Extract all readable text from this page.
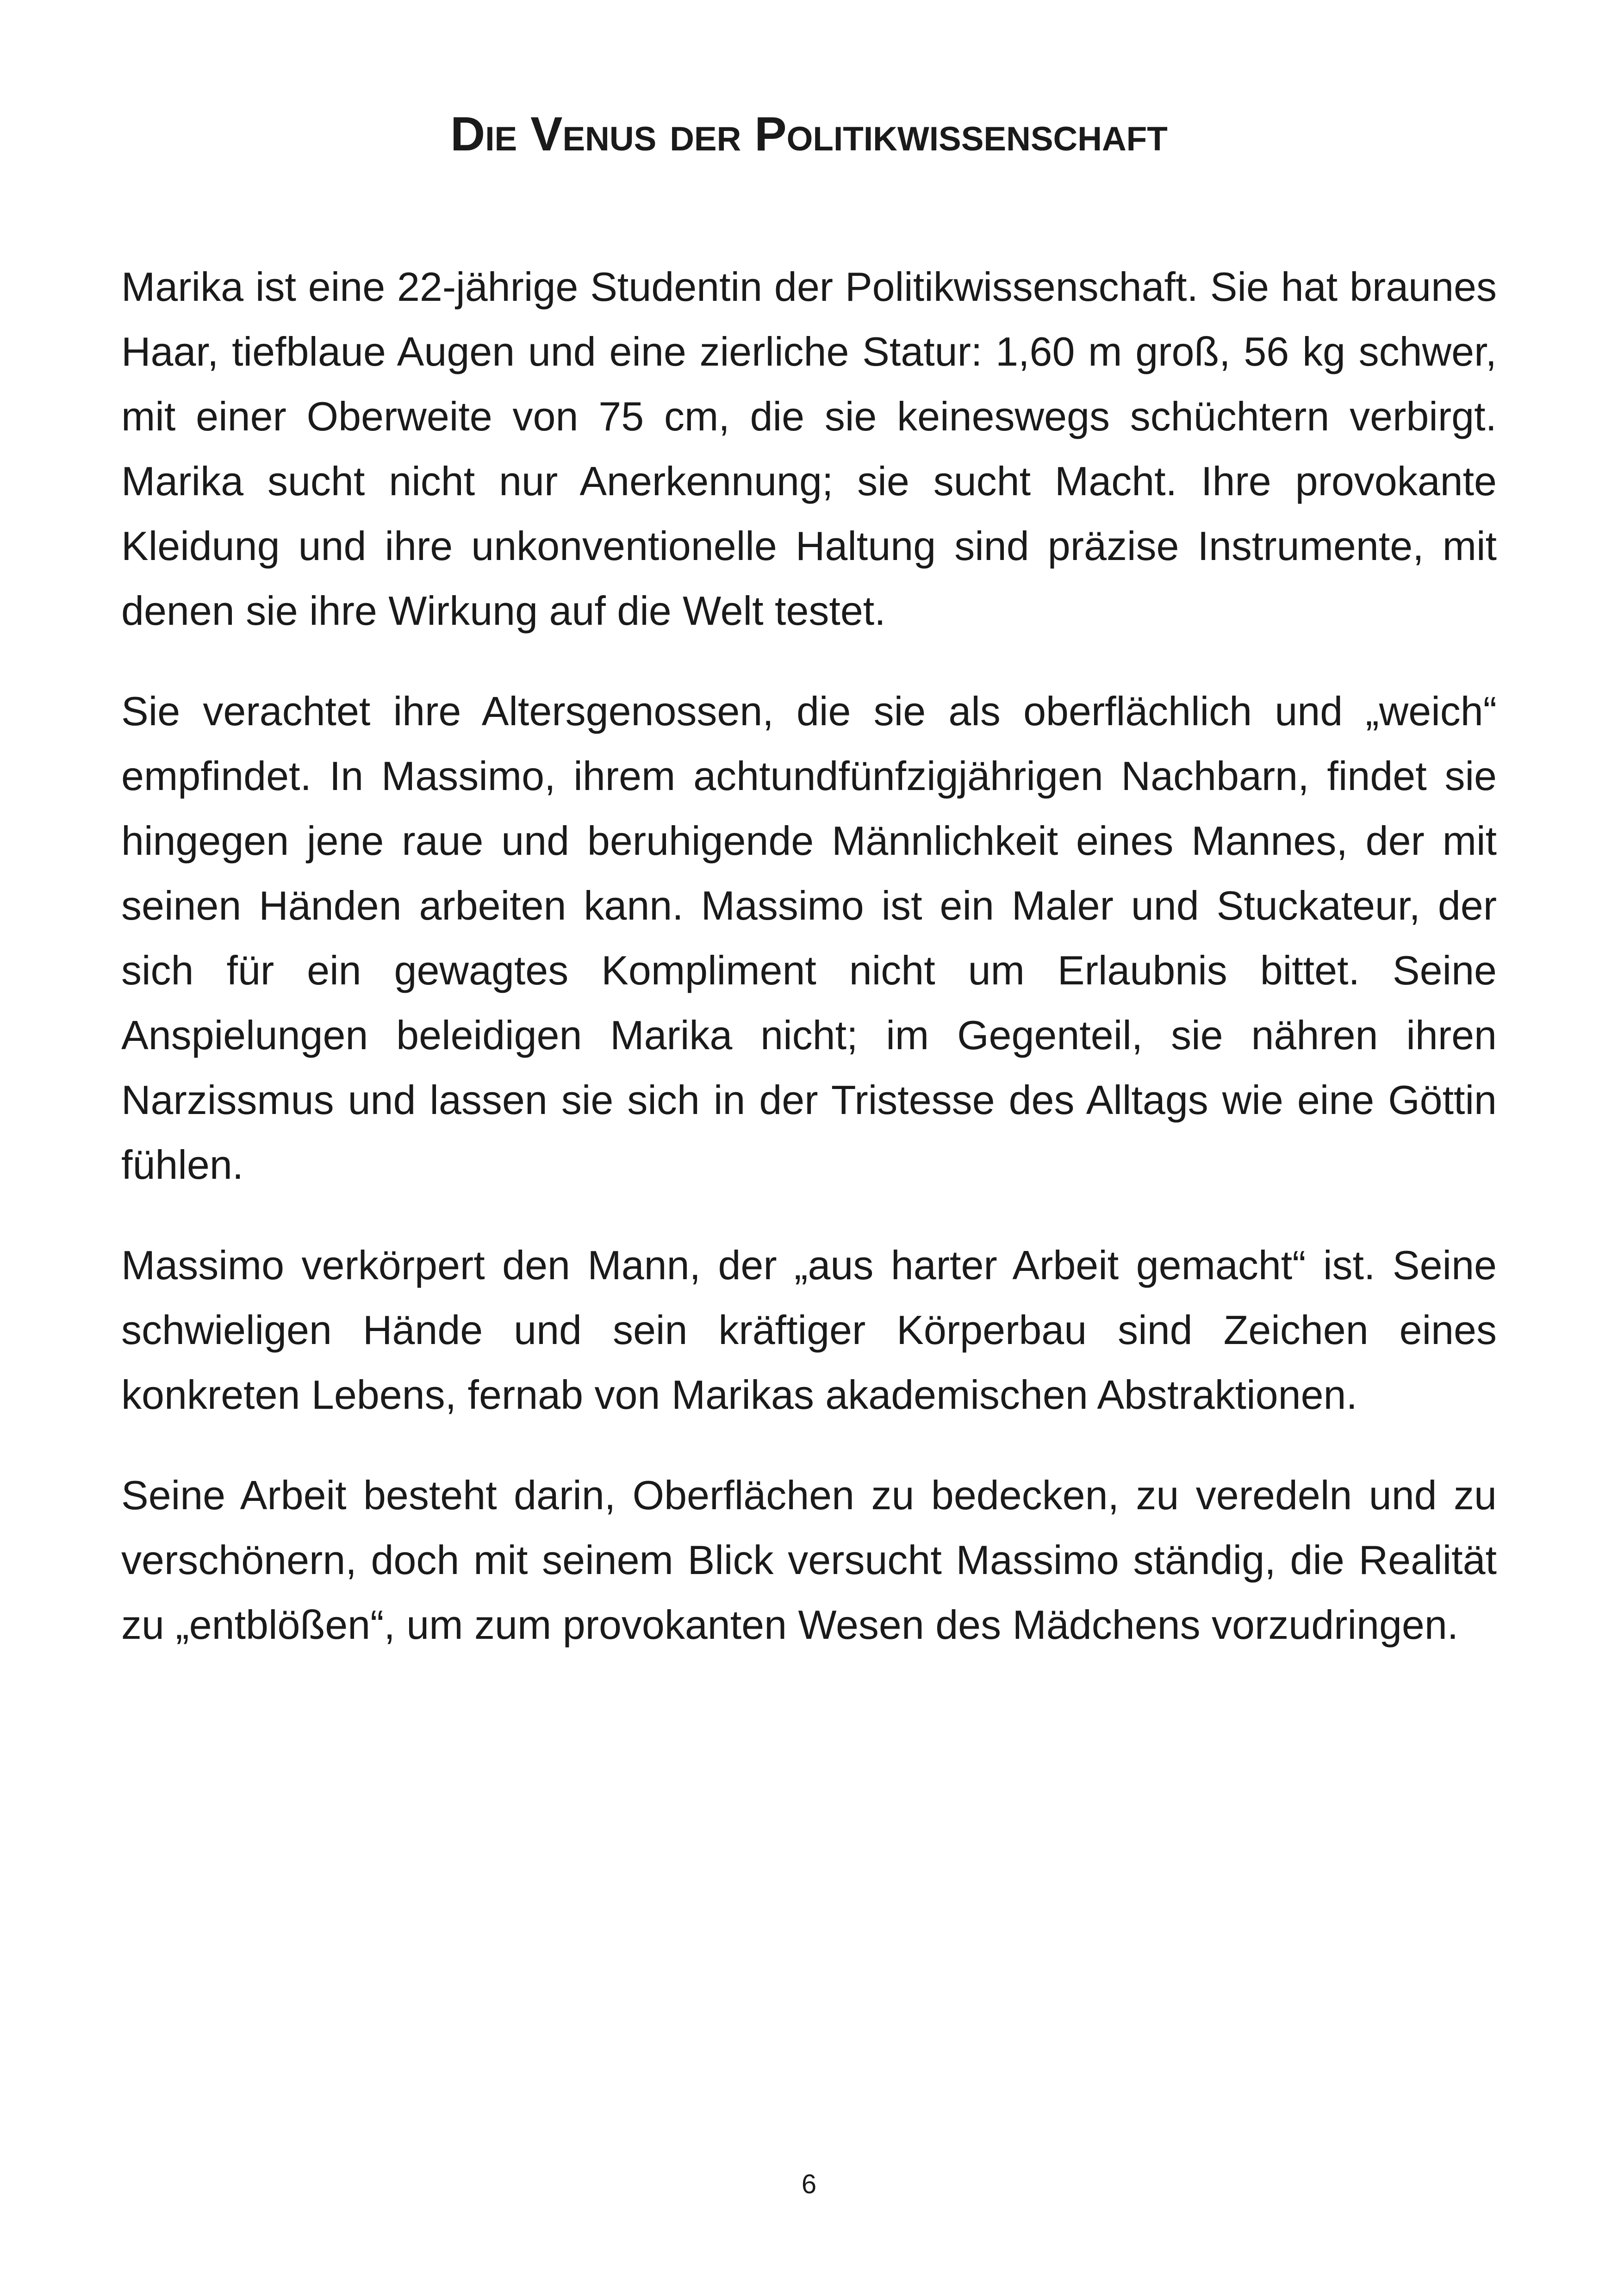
Die Venus der Politikwissenschaft

Marika ist eine 22-jährige Studentin der Politikwissenschaft. Sie hat braunes Haar, tiefblaue Augen und eine zierliche Statur: 1,60 m groß, 56 kg schwer, mit einer Oberweite von 75 cm, die sie keineswegs schüchtern verbirgt. Marika sucht nicht nur Anerkennung; sie sucht Macht. Ihre provokante Kleidung und ihre unkonventionelle Haltung sind präzise Instrumente, mit denen sie ihre Wirkung auf die Welt testet.

Sie verachtet ihre Altersgenossen, die sie als oberflächlich und „weich“ empfindet. In Massimo, ihrem achtundfünfzigjährigen Nachbarn, findet sie hingegen jene raue und beruhigende Männlichkeit eines Mannes, der mit seinen Händen arbeiten kann. Massimo ist ein Maler und Stuckateur, der sich für ein gewagtes Kompliment nicht um Erlaubnis bittet. Seine Anspielungen beleidigen Marika nicht; im Gegenteil, sie nähren ihren Narzissmus und lassen sie sich in der Tristesse des Alltags wie eine Göttin fühlen.

Massimo verkörpert den Mann, der „aus harter Arbeit gemacht“ ist. Seine schwieligen Hände und sein kräftiger Körperbau sind Zeichen eines konkreten Lebens, fernab von Marikas akademischen Abstraktionen.

Seine Arbeit besteht darin, Oberflächen zu bedecken, zu veredeln und zu verschönern, doch mit seinem Blick versucht Massimo ständig, die Realität zu „entblößen“, um zum provokanten Wesen des Mädchens vorzudringen.

6
